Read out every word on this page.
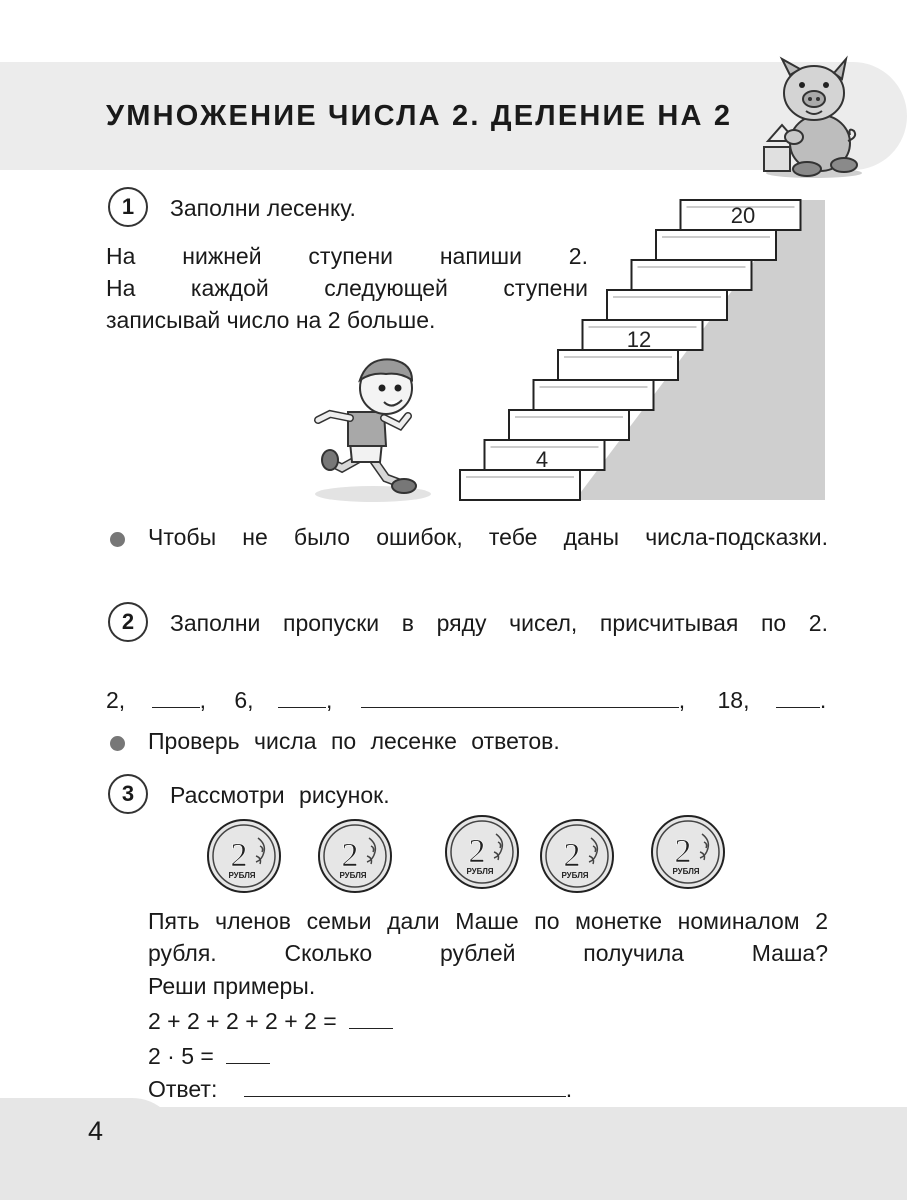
УМНОЖЕНИЕ ЧИСЛА 2. ДЕЛЕНИЕ НА 2
1	Заполни лесенку.
На нижней ступени напиши 2.
На каждой следующей ступени
записывай число на 2 больше.
4
12
20
Чтобы не было ошибок, тебе даны числа-подсказки.
2	Заполни пропуски в ряду чисел, присчитывая по 2.
2,	, 6,	,	, 18,	.
Проверь числа по лесенке ответов.
3	Рассмотри рисунок.
2
РУБЛЯ
2
РУБЛЯ
2
РУБЛЯ 2
РУБЛЯ
2
РУБЛЯ
Пять членов семьи дали Маше по монетке номиналом 2 рубля. Сколько рублей получила Маша?
Реши примеры.
2 + 2 + 2 + 2 + 2 =
2 · 5 =
Ответ:	.
4
